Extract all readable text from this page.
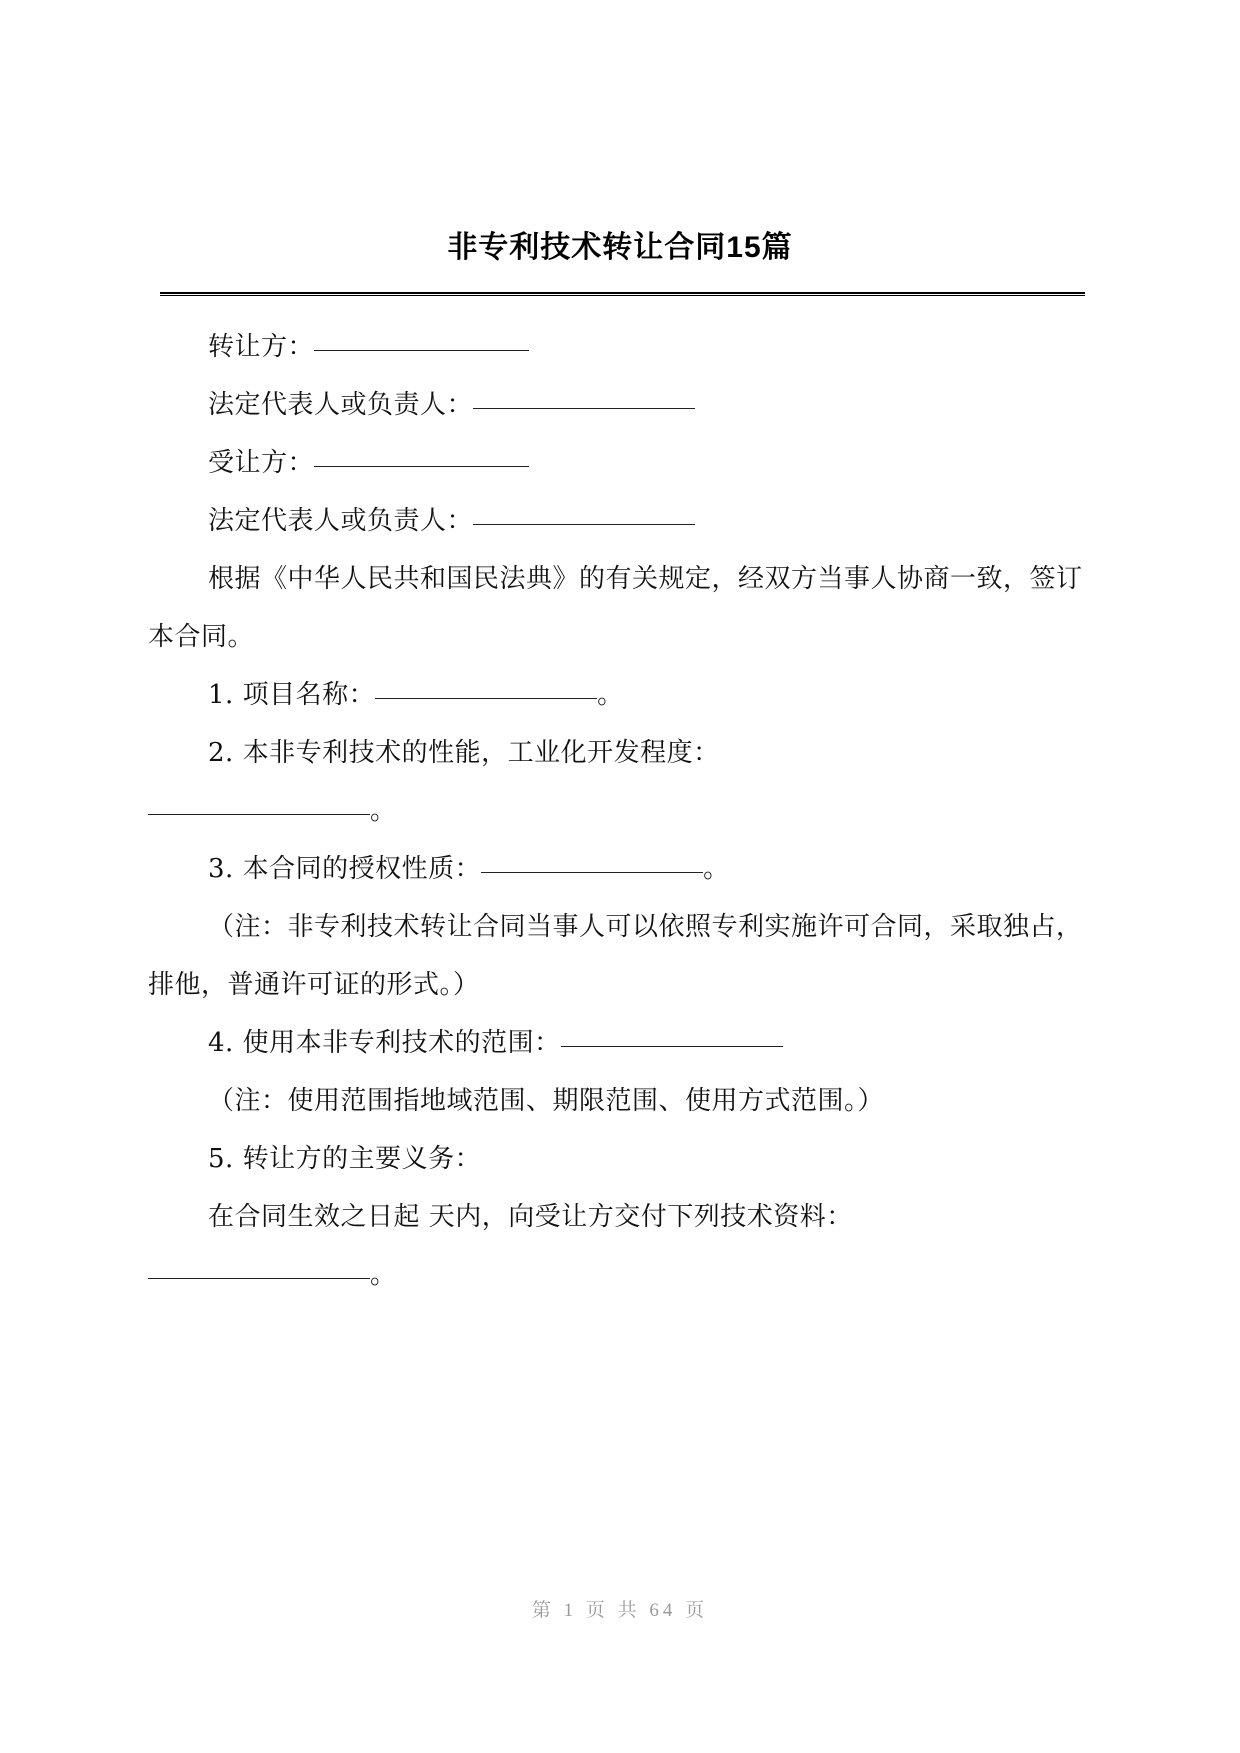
非专利技术转让合同15篇
转让方：
法定代表人或负责人：
受让方：
法定代表人或负责人：
根据《中华人民共和国民法典》的有关规定，经双方当事人协商一致，签订本合同。
1. 项目名称：	。
2. 本非专利技术的性能，工业化开发程度：
。
3. 本合同的授权性质：	。
（注：非专利技术转让合同当事人可以依照专利实施许可合同，采取独占，排他，普通许可证的形式。）
4. 使用本非专利技术的范围：
（注：使用范围指地域范围、期限范围、使用方式范围。）
5. 转让方的主要义务：
在合同生效之日起 天内，向受让方交付下列技术资料：
。
第 1 页 共 64 页
